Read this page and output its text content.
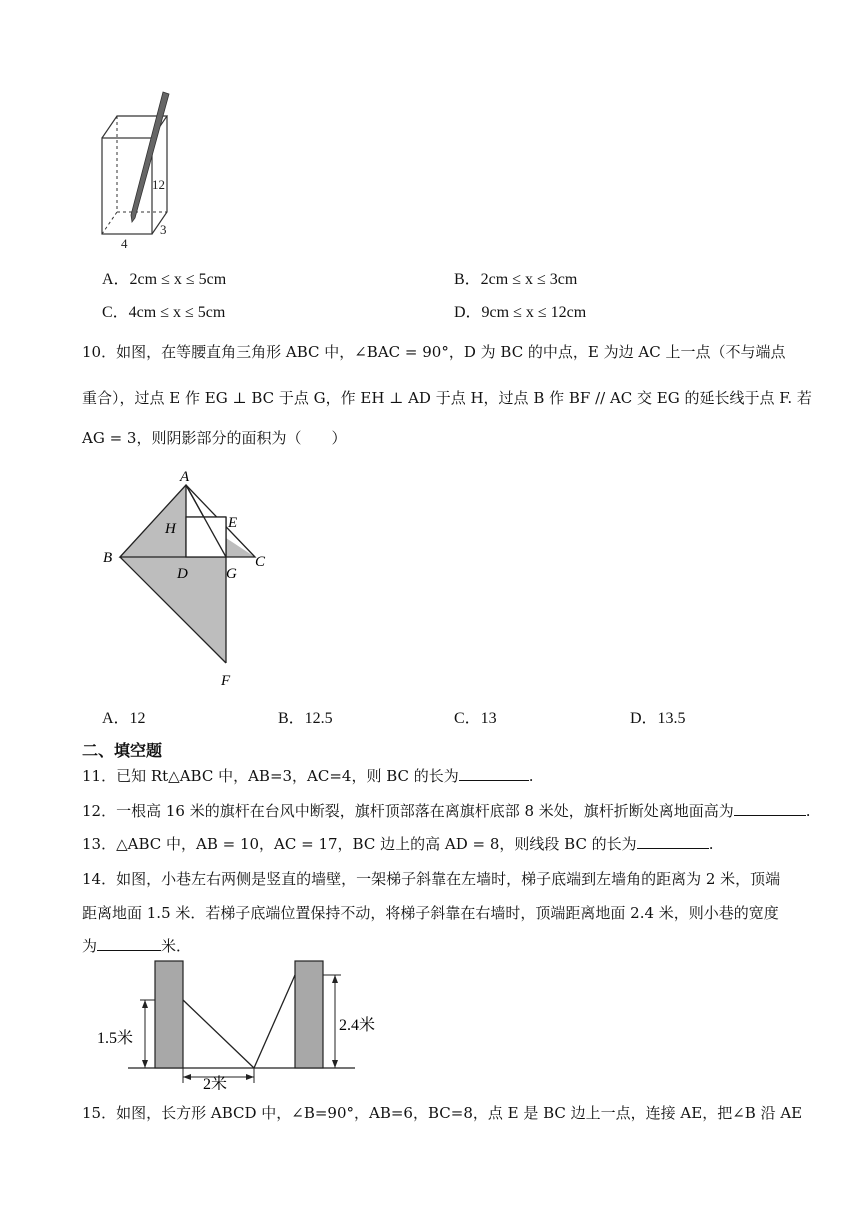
12
4
3
A．2cm ≤ x ≤ 5cm	B．2cm ≤ x ≤ 3cm
C．4cm ≤ x ≤ 5cm	D．9cm ≤ x ≤ 12cm
10．如图，在等腰直角三角形 ABC 中，∠BAC = 90°，D 为 BC 的中点，E 为边 AC 上一点（不与端点
重合），过点 E 作 EG ⊥ BC 于点 G，作 EH ⊥ AD 于点 H，过点 B 作 BF // AC 交 EG 的延长线于点 F. 若
AG = 3，则阴影部分的面积为（　　）
A
H	E
B	C
D	G
F
A．12	B．12.5	C．13	D．13.5
二、填空题
11．已知 Rt△ABC 中，AB=3，AC=4，则 BC 的长为	.
12．一根高 16 米的旗杆在台风中断裂，旗杆顶部落在离旗杆底部 8 米处，旗杆折断处离地面高为	.
13．△ABC 中，AB = 10，AC = 17，BC 边上的高 AD = 8，则线段 BC 的长为	.
14．如图，小巷左右两侧是竖直的墙壁，一架梯子斜靠在左墙时，梯子底端到左墙角的距离为 2 米，顶端
距离地面 1.5 米．若梯子底端位置保持不动，将梯子斜靠在右墙时，顶端距离地面 2.4 米，则小巷的宽度
为	米．
1.5米
2.4米
2米
15．如图，长方形 ABCD 中，∠B=90°，AB=6，BC=8，点 E 是 BC 边上一点，连接 AE，把∠B 沿 AE
